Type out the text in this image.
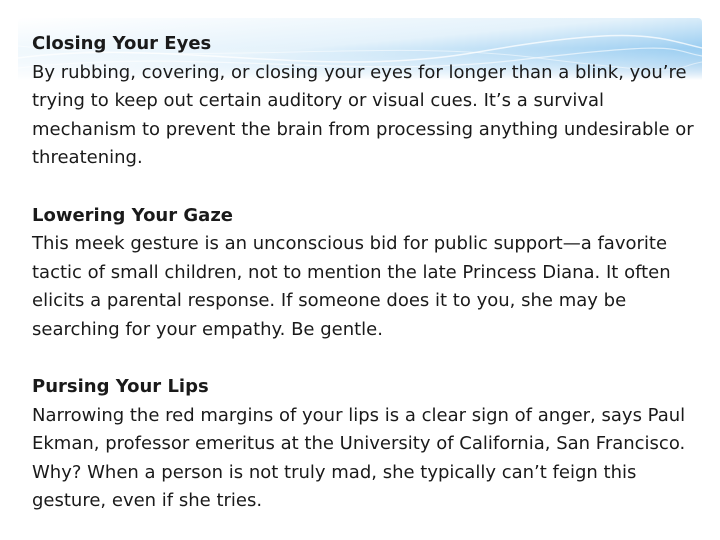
Closing Your Eyes
By rubbing, covering, or closing your eyes for longer than a blink, you’re trying to keep out certain auditory or visual cues. It’s a survival mechanism to prevent the brain from processing anything undesirable or threatening.
Lowering Your Gaze
This meek gesture is an unconscious bid for public support—a favorite tactic of small children, not to mention the late Princess Diana. It often elicits a parental response. If someone does it to you, she may be searching for your empathy. Be gentle.
Pursing Your Lips
Narrowing the red margins of your lips is a clear sign of anger, says Paul Ekman, professor emeritus at the University of California, San Francisco. Why? When a person is not truly mad, she typically can’t feign this gesture, even if she tries.
